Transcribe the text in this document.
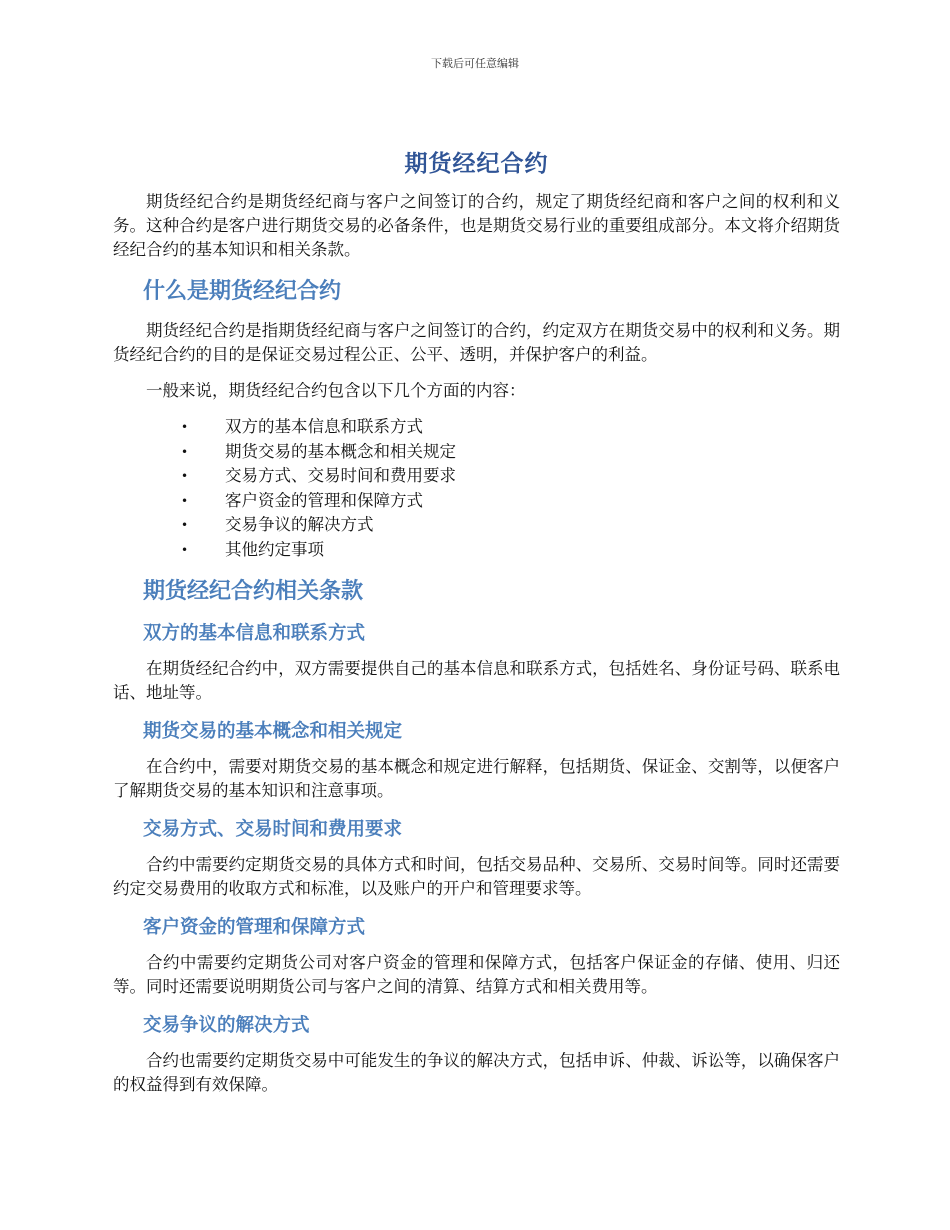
下载后可任意编辑
期货经纪合约

期货经纪合约是期货经纪商与客户之间签订的合约，规定了期货经纪商和客户之间的权利和义务。这种合约是客户进行期货交易的必备条件，也是期货交易行业的重要组成部分。本文将介绍期货经纪合约的基本知识和相关条款。

什么是期货经纪合约

期货经纪合约是指期货经纪商与客户之间签订的合约，约定双方在期货交易中的权利和义务。期货经纪合约的目的是保证交易过程公正、公平、透明，并保护客户的利益。

一般来说，期货经纪合约包含以下几个方面的内容：

• 双方的基本信息和联系方式
• 期货交易的基本概念和相关规定
• 交易方式、交易时间和费用要求
• 客户资金的管理和保障方式
• 交易争议的解决方式
• 其他约定事项
期货经纪合约相关条款
双方的基本信息和联系方式

在期货经纪合约中，双方需要提供自己的基本信息和联系方式，包括姓名、身份证号码、联系电话、地址等。

期货交易的基本概念和相关规定

在合约中，需要对期货交易的基本概念和规定进行解释，包括期货、保证金、交割等，以便客户了解期货交易的基本知识和注意事项。

交易方式、交易时间和费用要求

合约中需要约定期货交易的具体方式和时间，包括交易品种、交易所、交易时间等。同时还需要约定交易费用的收取方式和标准，以及账户的开户和管理要求等。

客户资金的管理和保障方式

合约中需要约定期货公司对客户资金的管理和保障方式，包括客户保证金的存储、使用、归还等。同时还需要说明期货公司与客户之间的清算、结算方式和相关费用等。

交易争议的解决方式

合约也需要约定期货交易中可能发生的争议的解决方式，包括申诉、仲裁、诉讼等，以确保客户的权益得到有效保障。
